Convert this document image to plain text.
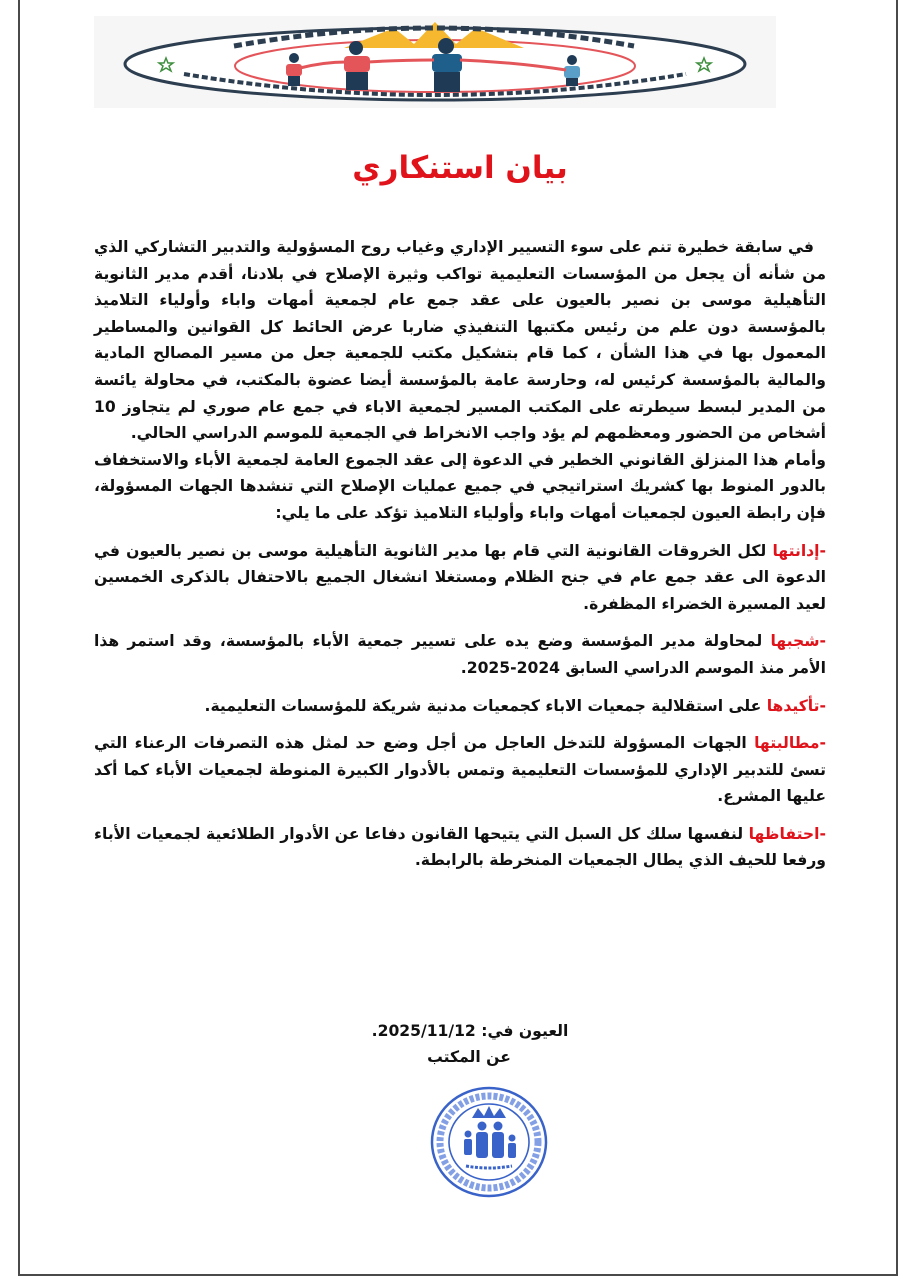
بيان استنكاري

في سابقة خطيرة تنم على سوء التسيير الإداري وغياب روح المسؤولية والتدبير التشاركي الذي من شأنه أن يجعل من المؤسسات التعليمية تواكب وثيرة الإصلاح في بلادنا، أقدم مدير الثانوية التأهيلية موسى بن نصير بالعيون على عقد جمع عام لجمعية أمهات واباء وأولياء التلاميذ بالمؤسسة دون علم من رئيس مكتبها التنفيذي ضاربا عرض الحائط كل القوانين والمساطير المعمول بها في هذا الشأن ، كما قام بتشكيل مكتب للجمعية جعل من مسير المصالح المادية والمالية بالمؤسسة كرئيس له، وحارسة عامة بالمؤسسة أيضا عضوة بالمكتب، في محاولة يائسة من المدير لبسط سيطرته على المكتب المسير لجمعية الاباء في جمع عام صوري لم يتجاوز 10 أشخاص من الحضور ومعظمهم لم يؤد واجب الانخراط في الجمعية للموسم الدراسي الحالي.

وأمام هذا المنزلق القانوني الخطير في الدعوة إلى عقد الجموع العامة لجمعية الأباء والاستخفاف بالدور المنوط بها كشريك استراتيجي في جميع عمليات الإصلاح التي تنشدها الجهات المسؤولة، فإن رابطة العيون لجمعيات أمهات واباء وأولياء التلاميذ تؤكد على ما يلي:

-إدانتها لكل الخروقات القانونية التي قام بها مدير الثانوية التأهيلية موسى بن نصير بالعيون في الدعوة الى عقد جمع عام في جنح الظلام ومستغلا انشغال الجميع بالاحتفال بالذكرى الخمسين لعيد المسيرة الخضراء المظفرة.

-شجبها لمحاولة مدير المؤسسة وضع يده على تسيير جمعية الأباء بالمؤسسة، وقد استمر هذا الأمر منذ الموسم الدراسي السابق 2024-2025.

-تأكيدها على استقلالية جمعيات الاباء كجمعيات مدنية شريكة للمؤسسات التعليمية.

-مطالبتها الجهات المسؤولة للتدخل العاجل من أجل وضع حد لمثل هذه التصرفات الرعناء التي تسئ للتدبير الإداري للمؤسسات التعليمية وتمس بالأدوار الكبيرة المنوطة لجمعيات الأباء كما أكد عليها المشرع.

-احتفاظها لنفسها سلك كل السبل التي يتيحها القانون دفاعا عن الأدوار الطلائعية لجمعيات الأباء ورفعا للحيف الذي يطال الجمعيات المنخرطة بالرابطة.

العيون في: 2025/11/12.
عن المكتب
